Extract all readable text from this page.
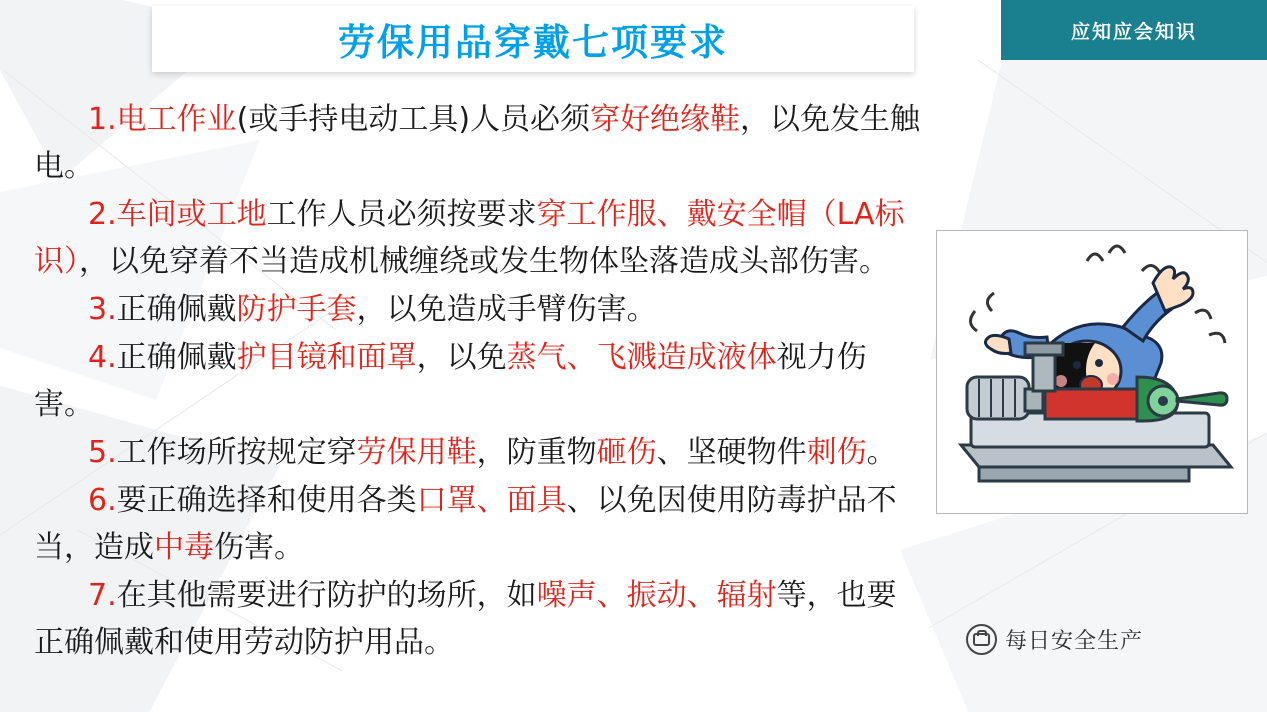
劳保用品穿戴七项要求	应知应会知识

1.电工作业(或手持电动工具)人员必须穿好绝缘鞋，以免发生触电。

2.车间或工地工作人员必须按要求穿工作服、戴安全帽（LA标识），以免穿着不当造成机械缠绕或发生物体坠落造成头部伤害。

3.正确佩戴防护手套，以免造成手臂伤害。

4.正确佩戴护目镜和面罩，以免蒸气、飞溅造成液体视力伤害。

5.工作场所按规定穿劳保用鞋，防重物砸伤、坚硬物件刺伤。

6.要正确选择和使用各类口罩、面具、以免因使用防毒护品不当，造成中毒伤害。

7.在其他需要进行防护的场所，如噪声、振动、辐射等，也要正确佩戴和使用劳动防护用品。	每日安全生产
